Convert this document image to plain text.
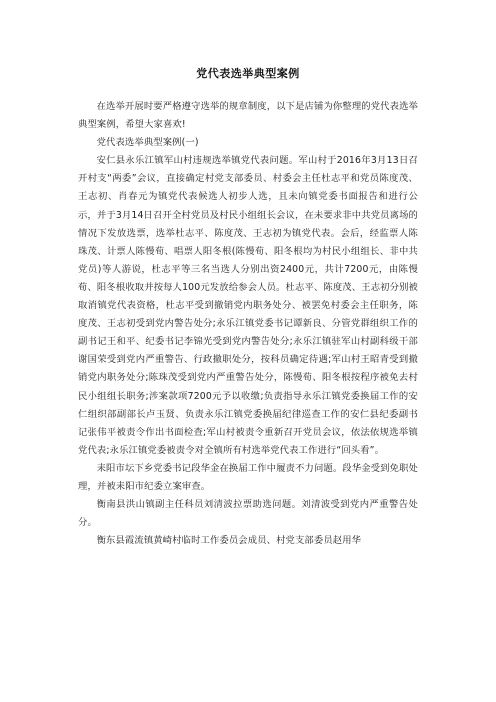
党代表选举典型案例

在选举开展时要严格遵守选举的规章制度，以下是店铺为你整理的党代表选举典型案例，希望大家喜欢!

党代表选举典型案例(一)

安仁县永乐江镇军山村违规选举镇党代表问题。军山村于2016年3月13日召开村支“两委”会议，直接确定村党支部委员、村委会主任杜志平和党员陈度茂、王志初、肖春元为镇党代表候选人初步人选，且未向镇党委书面报告和进行公示，并于3月14日召开全村党员及村民小组组长会议，在未要求非中共党员离场的情况下发放选票，选举杜志平、陈度茂、王志初为镇党代表。会后，经监票人陈珠茂、计票人陈慢荀、唱票人阳冬根(陈慢荀、阳冬根均为村民小组组长、非中共党员)等人游说，杜志平等三名当选人分别出资2400元，共计7200元，由陈慢荀、阳冬根收取并按每人100元发放给参会人员。杜志平、陈度茂、王志初分别被取消镇党代表资格，杜志平受到撤销党内职务处分、被罢免村委会主任职务，陈度茂、王志初受到党内警告处分;永乐江镇党委书记谭新良、分管党群组织工作的副书记王和平、纪委书记李锦光受到党内警告处分;永乐江镇驻军山村副科级干部谢国荣受到党内严重警告、行政撤职处分，按科员确定待遇;军山村王昭青受到撤销党内职务处分;陈珠茂受到党内严重警告处分，陈慢荀、阳冬根按程序被免去村民小组组长职务;涉案款项7200元予以收缴;负责指导永乐江镇党委换届工作的安仁组织部副部长卢玉贤、负责永乐江镇党委换届纪律巡查工作的安仁县纪委副书记张伟平被责令作出书面检查;军山村被责令重新召开党员会议，依法依规选举镇党代表;永乐江镇党委被责令对全镇所有村选举党代表工作进行“回头看”。

耒阳市坛下乡党委书记段华金在换届工作中履责不力问题。段华金受到免职处理，并被耒阳市纪委立案审查。

衡南县洪山镇副主任科员刘清波拉票助选问题。刘清波受到党内严重警告处分。

衡东县霞流镇黄崎村临时工作委员会成员、村党支部委员赵用华
